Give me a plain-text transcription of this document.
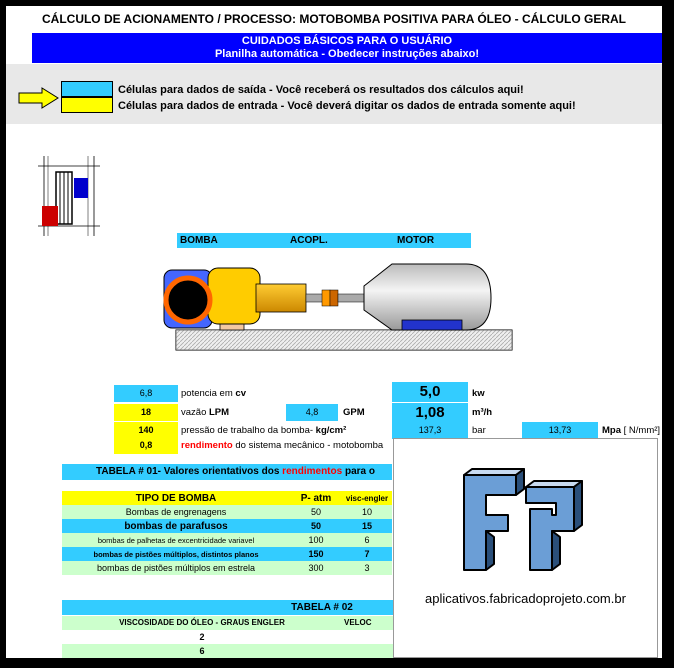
CÁLCULO DE ACIONAMENTO / PROCESSO: MOTOBOMBA POSITIVA PARA ÓLEO - CÁLCULO GERAL
CUIDADOS BÁSICOS PARA O USUÁRIO
Planilha automática - Obedecer instruções abaixo!
Células para dados de saída - Você receberá os resultados dos cálculos aqui!
Células para dados de entrada - Você deverá digitar os dados de entrada somente aqui!
BOMBA	ACOPL.	MOTOR
6,8	potencia em cv	5,0	kw
18	vazão LPM	4,8	GPM	1,08	m³/h
140	pressão de trabalho da bomba- kg/cm²	137,3	bar	13,73	Mpa [ N/mm²]
0,8	rendimento do sistema mecânico - motobomba
TABELA # 01- Valores orientativos dos rendimentos para o
TIPO DE BOMBA	P- atm	visc-engler
Bombas de engrenagens	50	10
bombas de parafusos	50	15
bombas de palhetas de excentricidade variavel	100	6
bombas de pistões múltiplos, distintos planos	150	7
bombas de pistões múltiplos em estrela	300	3
TABELA # 02
VISCOSIDADE DO ÓLEO - GRAUS ENGLER	VELOC
2
6
aplicativos.fabricadoprojeto.com.br
